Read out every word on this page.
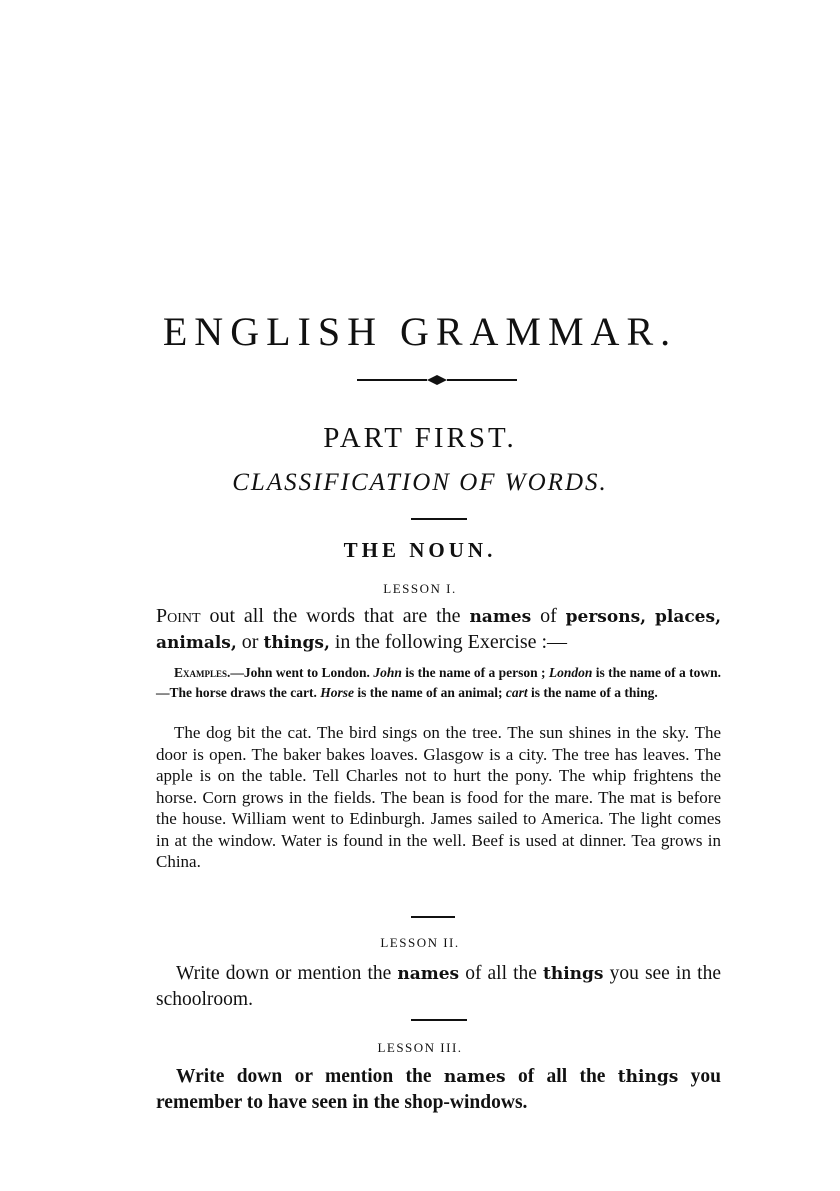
ENGLISH GRAMMAR.
PART FIRST.
CLASSIFICATION OF WORDS.
THE NOUN.
LESSON I.
Point out all the words that are the names of persons, places, animals, or things, in the following Exercise :—
Examples.—John went to London. John is the name of a person ; London is the name of a town.—The horse draws the cart. Horse is the name of an animal; cart is the name of a thing.
The dog bit the cat. The bird sings on the tree. The sun shines in the sky. The door is open. The baker bakes loaves. Glasgow is a city. The tree has leaves. The apple is on the table. Tell Charles not to hurt the pony. The whip frightens the horse. Corn grows in the fields. The bean is food for the mare. The mat is before the house. William went to Edinburgh. James sailed to America. The light comes in at the window. Water is found in the well. Beef is used at dinner. Tea grows in China.
LESSON II.
Write down or mention the names of all the things you see in the schoolroom.
LESSON III.
Write down or mention the names of all the things you remember to have seen in the shop-windows.
